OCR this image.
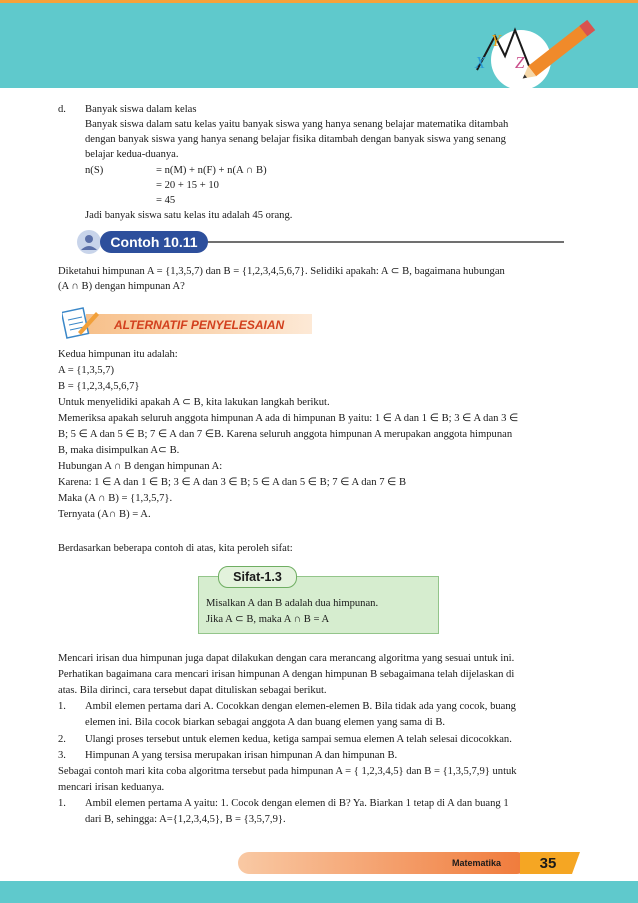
X
Y
Z
d. Banyak siswa dalam kelas
Banyak siswa dalam satu kelas yaitu banyak siswa yang hanya senang belajar matematika ditambah
dengan banyak siswa yang hanya senang belajar fisika ditambah dengan banyak siswa yang senang
belajar kedua-duanya.
n(S)	= n(M) + n(F) + n(A ∩ B)
= 20 + 15 + 10
= 45
Jadi banyak siswa satu kelas itu adalah 45 orang.
Contoh 10.11
Diketahui himpunan A = {1,3,5,7) dan B = {1,2,3,4,5,6,7}. Selidiki apakah: A ⊂ B, bagaimana hubungan
(A ∩ B) dengan himpunan A?
ALTERNATIF PENYELESAIAN
Kedua himpunan itu adalah:
A = {1,3,5,7)
B = {1,2,3,4,5,6,7}
Untuk menyelidiki apakah A ⊂ B, kita lakukan langkah berikut.
Memeriksa apakah seluruh anggota himpunan A ada di himpunan B yaitu: 1 ∈ A dan 1 ∈ B; 3 ∈ A dan 3 ∈
B; 5 ∈ A dan 5 ∈ B; 7 ∈ A dan 7 ∈B. Karena seluruh anggota himpunan A merupakan anggota himpunan
B, maka disimpulkan A⊂ B.
Hubungan A ∩ B dengan himpunan A:
Karena: 1 ∈ A dan 1 ∈ B; 3 ∈ A dan 3 ∈ B; 5 ∈ A dan 5 ∈ B; 7 ∈ A dan 7 ∈ B
Maka (A ∩ B) = {1,3,5,7}.
Ternyata (A∩ B) = A.
Berdasarkan beberapa contoh di atas, kita peroleh sifat:
Sifat-1.3
Misalkan A dan B adalah dua himpunan.
Jika A ⊂ B, maka A ∩ B = A
Mencari irisan dua himpunan juga dapat dilakukan dengan cara merancang algoritma yang sesuai untuk ini.
Perhatikan bagaimana cara mencari irisan himpunan A dengan himpunan B sebagaimana telah dijelaskan di
atas. Bila dirinci, cara tersebut dapat dituliskan sebagai berikut.
1. Ambil elemen pertama dari A. Cocokkan dengan elemen-elemen B. Bila tidak ada yang cocok, buang
elemen ini. Bila cocok biarkan sebagai anggota A dan buang elemen yang sama di B.
2. Ulangi proses tersebut untuk elemen kedua, ketiga sampai semua elemen A telah selesai dicocokkan.
3. Himpunan A yang tersisa merupakan irisan himpunan A dan himpunan B.
Sebagai contoh mari kita coba algoritma tersebut pada himpunan A = { 1,2,3,4,5} dan B = {1,3,5,7,9} untuk
mencari irisan keduanya.
1. Ambil elemen pertama A yaitu: 1. Cocok dengan elemen di B? Ya. Biarkan 1 tetap di A dan buang 1
dari B, sehingga: A={1,2,3,4,5}, B = {3,5,7,9}.
Matematika	35
